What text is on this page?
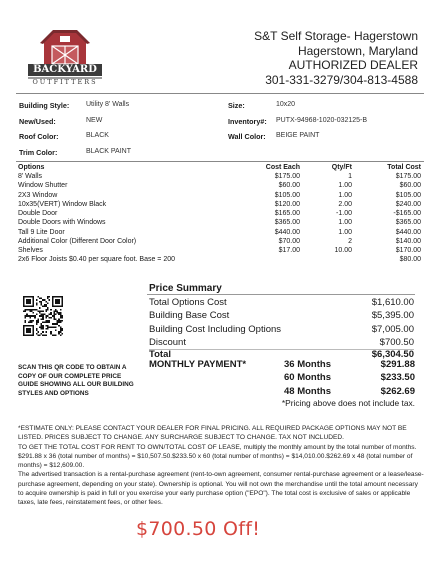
BACKYARD
OUTFITTERS
S&T Self Storage- Hagerstown
Hagerstown, Maryland
AUTHORIZED DEALER
301-331-3279/304-813-4588
Building Style: Utility 8' Walls	Size:	10x20
New/Used:	NEW	Inventory#: PUTX-94968-1020-032125-B
Roof Color:	BLACK	Wall Color: BEIGE PAINT
Trim Color:	BLACK PAINT
Options	Cost Each	Qty/Ft	Total Cost
8' Walls	$175.00	1	$175.00
Window Shutter	$60.00	1.00	$60.00
2X3 Window	$105.00	1.00	$105.00
10x35(VERT) Window Black	$120.00	2.00	$240.00
Double Door	$165.00	-1.00	-$165.00
Double Doors with Windows	$365.00	1.00	$365.00
Tall 9 Lite Door	$440.00	1.00	$440.00
Additional Color (Different Door Color)	$70.00	2	$140.00
Shelves	$17.00	10.00	$170.00
2x6 Floor Joists $0.40 per square foot. Base = 200			$80.00
SCAN THIS QR CODE TO OBTAIN A COPY OF OUR COMPLETE PRICE GUIDE SHOWING ALL OUR BUILDING STYLES AND OPTIONS
Price Summary
Total Options Cost	$1,610.00
Building Base Cost	$5,395.00
Building Cost Including Options	$7,005.00
Discount	$700.50
Total	$6,304.50
MONTHLY PAYMENT*	36 Months	$291.88
60 Months	$233.50
48 Months	$262.69
*Pricing above does not include tax.
*ESTIMATE ONLY: PLEASE CONTACT YOUR DEALER FOR FINAL PRICING. ALL REQUIRED PACKAGE OPTIONS MAY NOT BE LISTED. PRICES SUBJECT TO CHANGE. ANY SURCHARGE SUBJECT TO CHANGE. TAX NOT INCLUDED.
TO GET THE TOTAL COST FOR RENT TO OWN/TOTAL COST OF LEASE, multiply the monthly amount by the total number of months.
$291.88 x 36 (total number of months) = $10,507.50.$233.50 x 60 (total number of months) = $14,010.00.$262.69 x 48 (total number of months) = $12,609.00.
The advertised transaction is a rental-purchase agreement (rent-to-own agreement, consumer rental-purchase agreement or a lease/lease-purchase agreement, depending on your state). Ownership is optional. You will not own the merchandise until the total amount necessary to acquire ownership is paid in full or you exercise your early purchase option ("EPO"). The total cost is exclusive of sales or applicable taxes, late fees, reinstatement fees, or other fees.
$700.50 Off!
